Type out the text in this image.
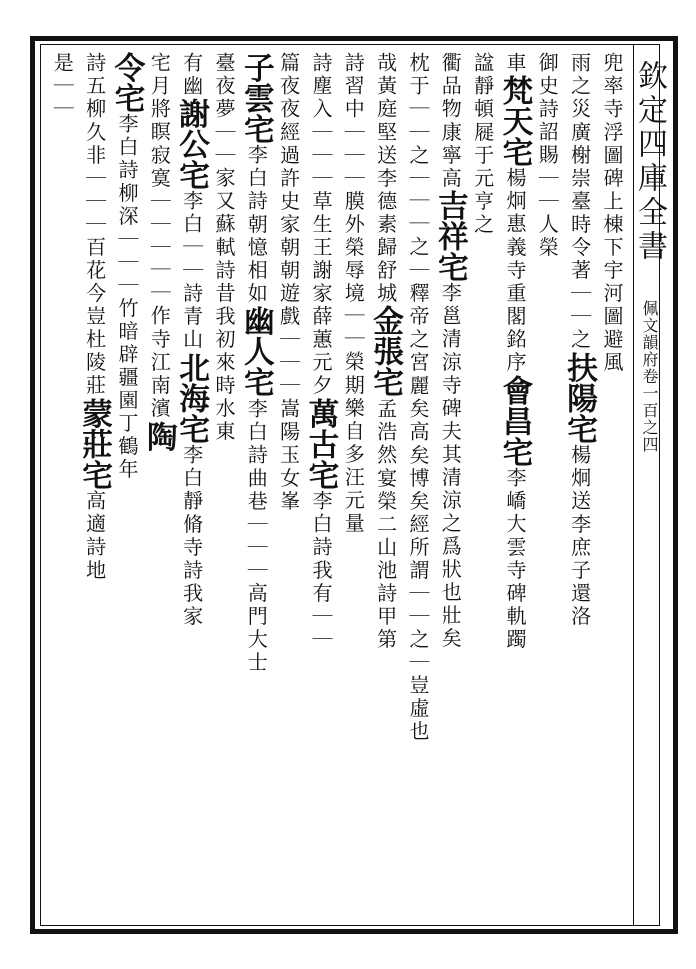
欽定四庫全書
佩文韻府卷一百之四
兜率寺浮圖碑上棟下宇河圖避風
雨之災廣榭崇臺時令著｜｜之
扶陽宅
楊炯送李庶子還洛
御史
詩詔賜｜｜人榮
車
梵天宅
楊炯惠義寺重閣銘序
會昌宅
李嶠大雲寺碑軌躅
諡靜頓屣于元亨之
衢品物康寧高
吉祥宅
李邕清涼寺碑夫其清涼之爲狀也壯矣
枕于｜｜之｜
｜｜之｜釋帝之宮
麗矣高矣博矣經所謂｜｜之｜豈虛也
哉黃庭堅送李德素歸舒城
金張宅
孟浩然宴榮二山池詩甲第
詩習中｜｜｜膜外榮辱境
｜｜榮期樂自多汪元量
詩塵入｜｜｜草生王謝家薛蕙元夕
萬古宅
李白詩我有｜｜
篇夜夜經過許史家朝朝遊戲｜｜｜
嵩陽玉女峯
子雲宅
李白詩朝憶相如
幽人宅
李白詩曲巷｜｜｜高門大士
臺夜夢｜｜
家又蘇軾詩昔我初來時水東
有幽
謝公宅
李白｜｜詩青山
北海宅
李白靜脩寺詩我家
宅
月將瞑寂寞｜｜｜
｜｜作寺江南濱
陶
令宅
李白詩柳深｜｜｜竹暗辟疆園丁鶴年
詩五柳久非｜｜｜百花今豈杜陵莊
蒙莊宅
高適詩地
是｜｜
